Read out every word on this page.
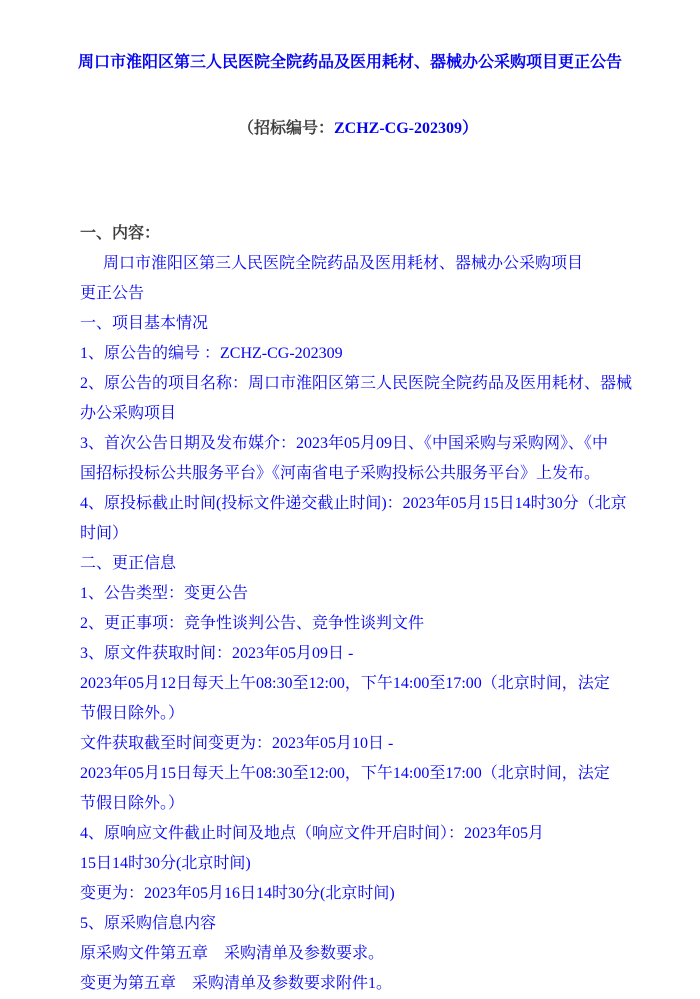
周口市淮阳区第三人民医院全院药品及医用耗材、器械办公采购项目更正公告

（招标编号：ZCHZ-CG-202309）

一、内容：
周口市淮阳区第三人民医院全院药品及医用耗材、器械办公采购项目
更正公告
一、项目基本情况
1、原公告的编号 ：ZCHZ-CG-202309
2、原公告的项目名称：周口市淮阳区第三人民医院全院药品及医用耗材、器械
办公采购项目
3、首次公告日期及发布媒介：2023年05月09日、《中国采购与采购网》、《中
国招标投标公共服务平台》《河南省电子采购投标公共服务平台》上发布。
4、原投标截止时间(投标文件递交截止时间)：2023年05月15日14时30分（北京
时间）
二、更正信息
1、公告类型：变更公告
2、更正事项：竞争性谈判公告、竞争性谈判文件
3、原文件获取时间：2023年05月09日 -
2023年05月12日每天上午08:30至12:00，下午14:00至17:00（北京时间，法定
节假日除外。）
文件获取截至时间变更为：2023年05月10日 -
2023年05月15日每天上午08:30至12:00，下午14:00至17:00（北京时间，法定
节假日除外。）
4、原响应文件截止时间及地点（响应文件开启时间）：2023年05月
15日14时30分(北京时间)
变更为：2023年05月16日14时30分(北京时间)
5、原采购信息内容
原采购文件第五章　采购清单及参数要求。
变更为第五章　采购清单及参数要求附件1。
